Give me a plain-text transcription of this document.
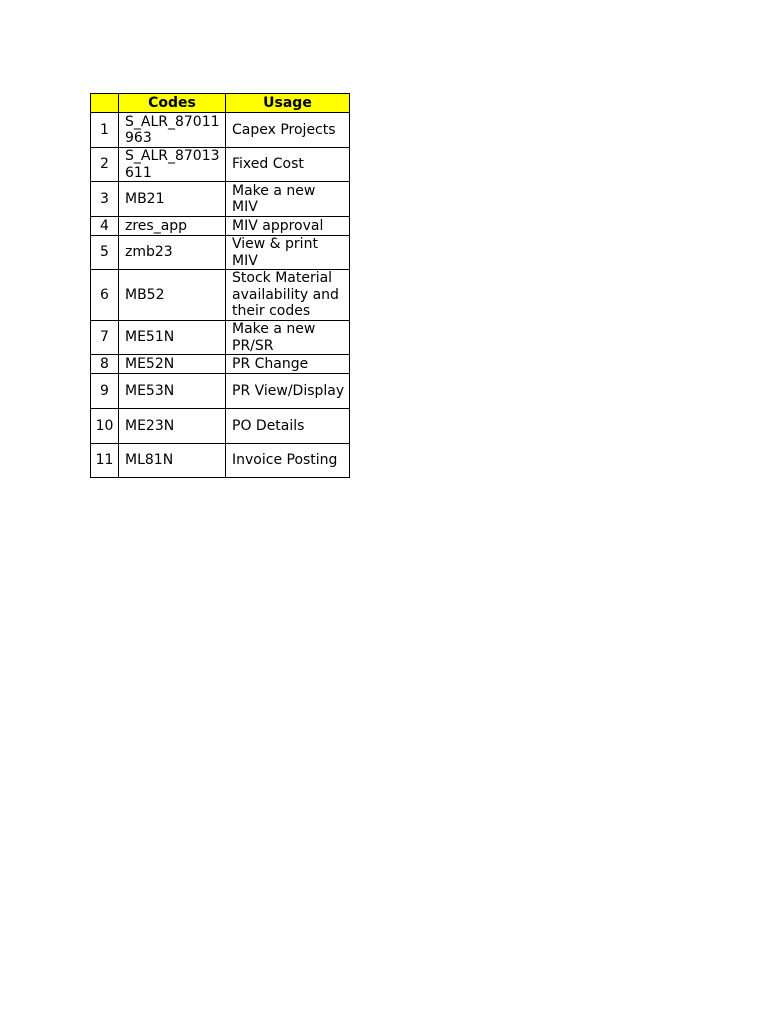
	Codes	Usage
1	S_ALR_87011963	Capex Projects
2	S_ALR_87013611	Fixed Cost
3	MB21	Make a new MIV
4	zres_app	MIV approval
5	zmb23	View & print MIV
6	MB52	Stock Material availability and their codes
7	ME51N	Make a new PR/SR
8	ME52N	PR Change
9	ME53N	PR View/Display
10	ME23N	PO Details
11	ML81N	Invoice Posting
